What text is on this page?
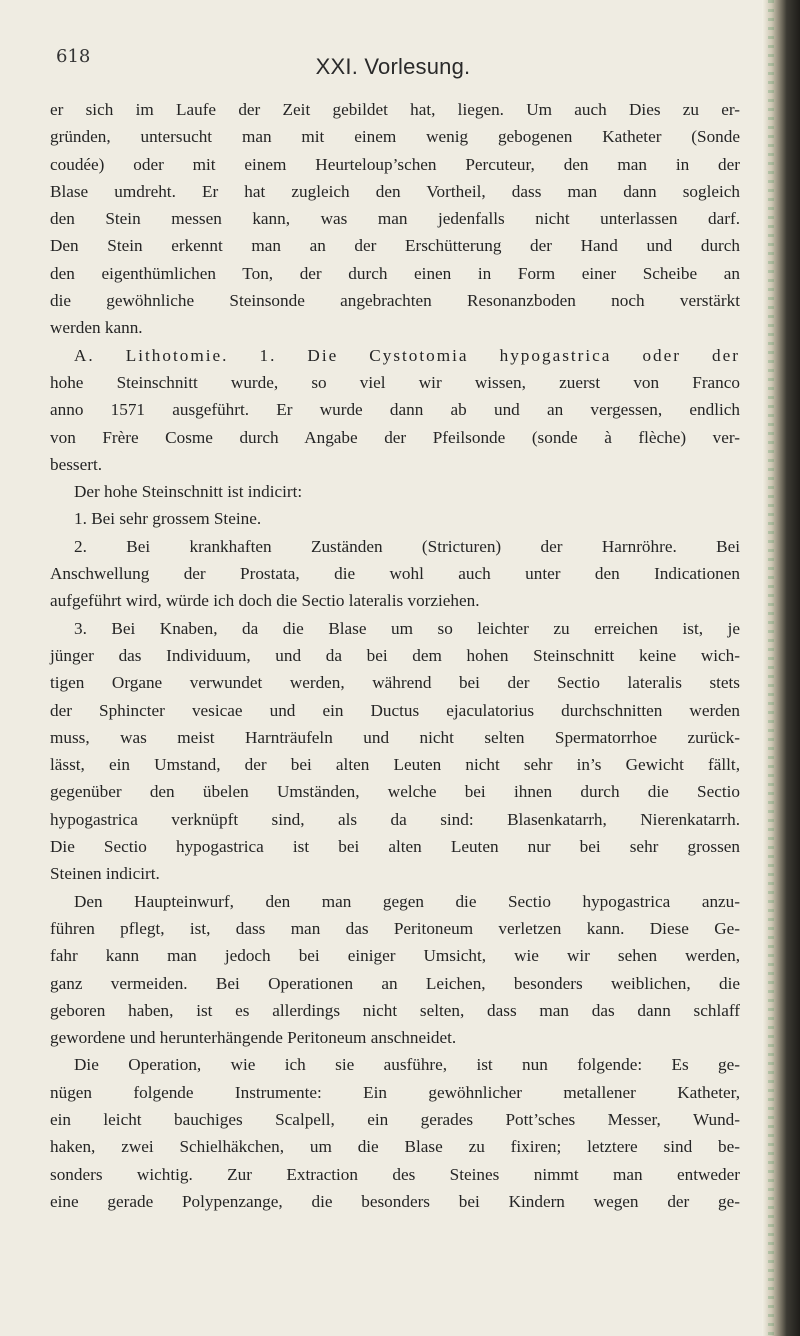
618	XXI. Vorlesung.
er sich im Laufe der Zeit gebildet hat, liegen. Um auch Dies zu er-
gründen, untersucht man mit einem wenig gebogenen Katheter (Sonde
coudée) oder mit einem Heurteloup’schen Percuteur, den man in der
Blase umdreht. Er hat zugleich den Vortheil, dass man dann sogleich
den Stein messen kann, was man jedenfalls nicht unterlassen darf.
Den Stein erkennt man an der Erschütterung der Hand und durch
den eigenthümlichen Ton, der durch einen in Form einer Scheibe an
die gewöhnliche Steinsonde angebrachten Resonanzboden noch verstärkt
werden kann.
A. Lithotomie. 1. Die Cystotomia hypogastrica oder der
hohe Steinschnitt wurde, so viel wir wissen, zuerst von Franco
anno 1571 ausgeführt. Er wurde dann ab und an vergessen, endlich
von Frère Cosme durch Angabe der Pfeilsonde (sonde à flèche) ver-
bessert.
Der hohe Steinschnitt ist indicirt:
1. Bei sehr grossem Steine.
2. Bei krankhaften Zuständen (Stricturen) der Harnröhre. Bei
Anschwellung der Prostata, die wohl auch unter den Indicationen
aufgeführt wird, würde ich doch die Sectio lateralis vorziehen.
3. Bei Knaben, da die Blase um so leichter zu erreichen ist, je
jünger das Individuum, und da bei dem hohen Steinschnitt keine wich-
tigen Organe verwundet werden, während bei der Sectio lateralis stets
der Sphincter vesicae und ein Ductus ejaculatorius durchschnitten werden
muss, was meist Harnträufeln und nicht selten Spermatorrhoe zurück-
lässt, ein Umstand, der bei alten Leuten nicht sehr in’s Gewicht fällt,
gegenüber den übelen Umständen, welche bei ihnen durch die Sectio
hypogastrica verknüpft sind, als da sind: Blasenkatarrh, Nierenkatarrh.
Die Sectio hypogastrica ist bei alten Leuten nur bei sehr grossen
Steinen indicirt.
Den Haupteinwurf, den man gegen die Sectio hypogastrica anzu-
führen pflegt, ist, dass man das Peritoneum verletzen kann. Diese Ge-
fahr kann man jedoch bei einiger Umsicht, wie wir sehen werden,
ganz vermeiden. Bei Operationen an Leichen, besonders weiblichen, die
geboren haben, ist es allerdings nicht selten, dass man das dann schlaff
gewordene und herunterhängende Peritoneum anschneidet.
Die Operation, wie ich sie ausführe, ist nun folgende: Es ge-
nügen folgende Instrumente: Ein gewöhnlicher metallener Katheter,
ein leicht bauchiges Scalpell, ein gerades Pott’sches Messer, Wund-
haken, zwei Schielhäkchen, um die Blase zu fixiren; letztere sind be-
sonders wichtig. Zur Extraction des Steines nimmt man entweder
eine gerade Polypenzange, die besonders bei Kindern wegen der ge-
